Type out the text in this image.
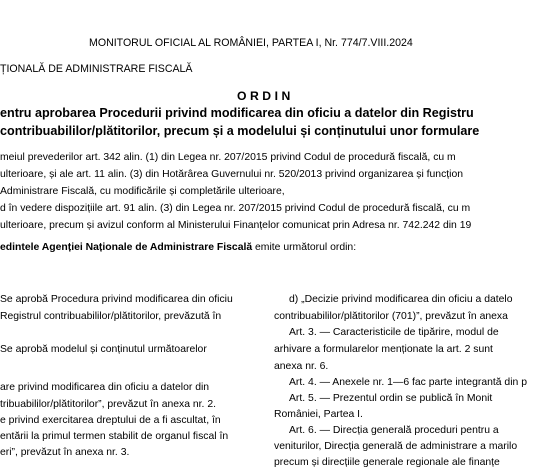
MONITORUL OFICIAL AL ROMÂNIEI, PARTEA I, Nr. 774/7.VIII.2024
ȚIONALĂ DE ADMINISTRARE FISCALĂ
ORDIN
entru aprobarea Procedurii privind modificarea din oficiu a datelor din Registru
contribuabililor/plătitorilor, precum și a modelului și conținutului unor formulare
meiul prevederilor art. 342 alin. (1) din Legea nr. 207/2015 privind Codul de procedură fiscală, cu m
ulterioare, și ale art. 11 alin. (3) din Hotărârea Guvernului nr. 520/2013 privind organizarea și funcțion
Administrare Fiscală, cu modificările și completările ulterioare,
d în vedere dispozițiile art. 91 alin. (3) din Legea nr. 207/2015 privind Codul de procedură fiscală, cu m
ulterioare, precum și avizul conform al Ministerului Finanțelor comunicat prin Adresa nr. 742.242 din 19
edintele Agenției Naționale de Administrare Fiscală emite următorul ordin:
Se aprobă Procedura privind modificarea din oficiu
Registrul contribuabililor/plătitorilor, prevăzută în
Se aprobă modelul și conținutul următoarelor
are privind modificarea din oficiu a datelor din
tribuabililor/plătitorilor”, prevăzut în anexa nr. 2.
e privind exercitarea dreptului de a fi ascultat, în
entării la primul termen stabilit de organul fiscal în
eri”, prevăzut în anexa nr. 3.
d) „Decizie privind modificarea din oficiu a datelo
contribuabililor/plătitorilor (701)”, prevăzut în anexa
Art. 3. — Caracteristicile de tipărire, modul de
arhivare a formularelor menționate la art. 2 sunt
anexa nr. 6.
Art. 4. — Anexele nr. 1—6 fac parte integrantă din p
Art. 5. — Prezentul ordin se publică în Monit
României, Partea I.
Art. 6. — Direcția generală proceduri pentru a
veniturilor, Direcția generală de administrare a marilo
precum și direcțiile generale regionale ale finanțe
